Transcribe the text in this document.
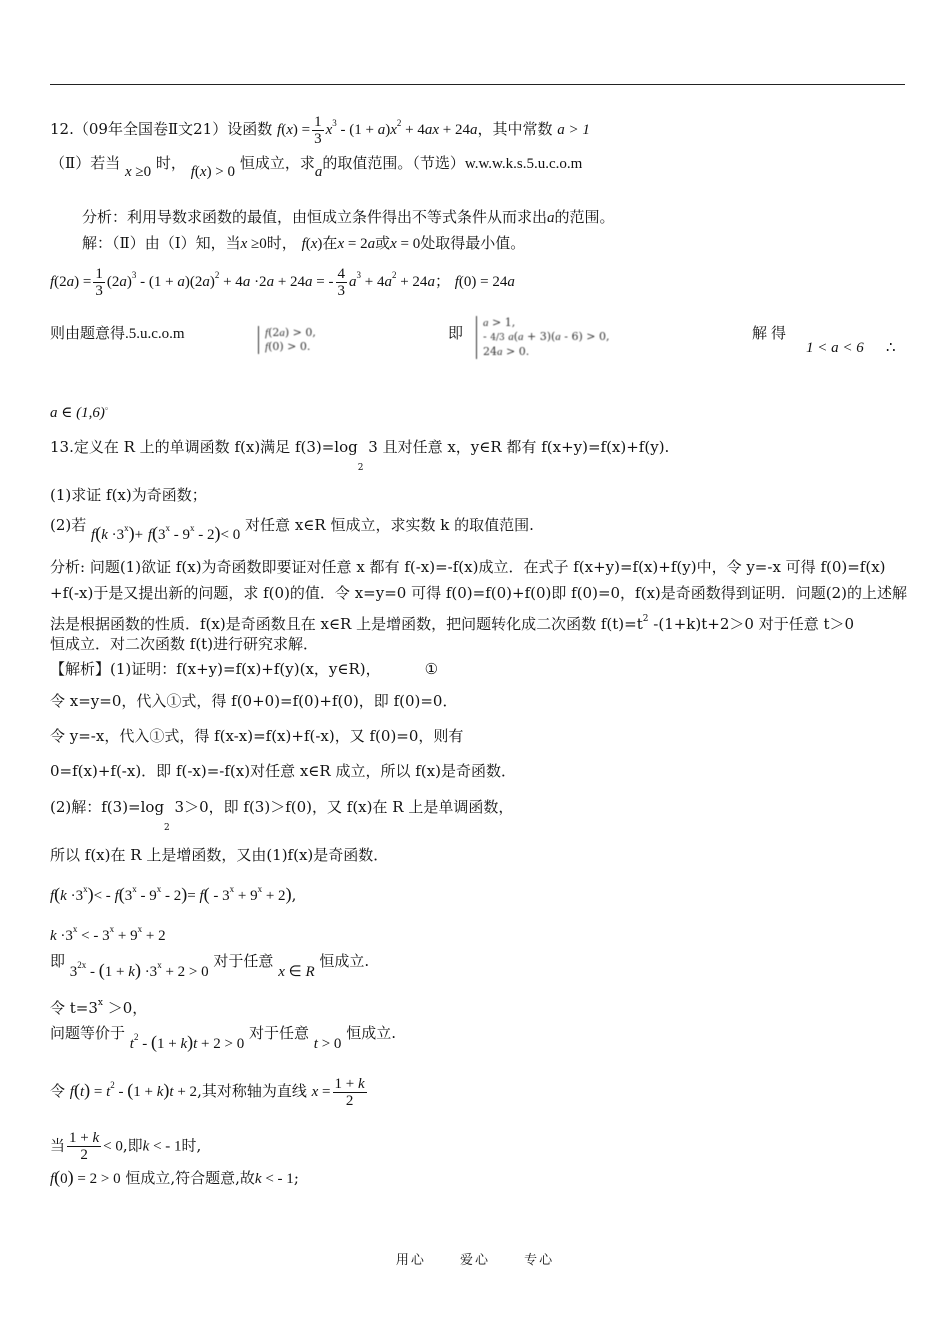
12.（09年全国卷Ⅱ文21）设函数 $f(x) = \frac{1}{3} x^3 - (1 + a)x^2 + 4ax + 24a$，其中常数 a > 1
（Ⅱ）若当 x ≥0 时， f(x) > 0 恒成立，求a的取值范围。（节选）w.w.w.k.s.5.u.c.o.m
分析：利用导数求函数的最值，由恒成立条件得出不等式条件从而求出a的范围。
解：（Ⅱ）由（Ⅰ）知，当x ≥0时， f(x)在x = 2a或x = 0处取得最小值。
$f(2a) = \frac{1}{3} (2a)^3 - (1 + a)(2a)^2 + 4a \cdot 2a + 24a$ = - $\frac{4}{3} a^3 + 4a^2 + 24a$； f(0) = 24a
则由题意得.5.u.c.o.m	f(2a) > 0,
f(0) > 0.
即
a > 1,
- 4/3 a(a + 3)(a - 6) > 0,
24a > 0.
解得
1 < a < 6 ∴
a ∈ (1,6)。
13.定义在 R 上的单调函数 f(x)满足 $f(3)=\log_2$ 3 且对任意 x，y∈R 都有 f(x+y)=f(x)+f(y).
(1)求证 f(x)为奇函数；
(2)若 $f(k \cdot 3^x)+ f(3^x - 9^x - 2)< 0$ 对任意 x∈R 恒成立，求实数 k 的取值范围.
分析: 问题(1)欲证 f(x)为奇函数即要证对任意 x 都有 f(-x)=-f(x)成立．在式子 f(x+y)=f(x)+f(y)中，令 y=-x 可得 f(0)=f(x)
+f(-x)于是又提出新的问题，求 f(0)的值．令 x=y=0 可得 f(0)=f(0)+f(0)即 f(0)=0，f(x)是奇函数得到证明．问题(2)的上述解
法是根据函数的性质．f(x)是奇函数且在 x∈R 上是增函数，把问题转化成二次函数 $f(t)=t^2$ -(1+k)t+2＞0 对于任意 t＞0
恒成立．对二次函数 f(t)进行研究求解．
【解析】(1)证明：f(x+y)=f(x)+f(y)(x，y∈R)，	①
令 x=y=0，代入①式，得 f(0+0)=f(0)+f(0)，即 f(0)=0．
令 y=-x，代入①式，得 f(x-x)=f(x)+f(-x)，又 f(0)=0，则有
0=f(x)+f(-x)．即 f(-x)=-f(x)对任意 x∈R 成立，所以 f(x)是奇函数．
(2)解：$f(3)=\log_2$ 3＞0，即 f(3)＞f(0)，又 f(x)在 R 上是单调函数，
所以 f(x)在 R 上是增函数，又由(1)f(x)是奇函数．
$f(k \cdot 3^x)< - f(3^x - 9^x - 2)= f( - 3^x + 9^x + 2)$,
$k \cdot 3^x$ < - $3^x + 9^x + 2$
即 $3^{2x} - (1 + k) \cdot 3^x + 2 > 0$ 对于任意 x ∈ R 恒成立.
令 $t=3^x >0$，
问题等价于 $t^2 - (1 + k)t + 2 > 0$ 对于任意 t > 0 恒成立.
令 $f(t) = t^2 - (1 + k)t + 2$,其对称轴为直线 $x = \frac{1 + k}{2}$
当 $\frac{1 + k}{2} < 0$,即k < - 1时,
f(0) = 2 > 0 恒成立,符合题意,故k < - 1;
用心	爱心	专心
